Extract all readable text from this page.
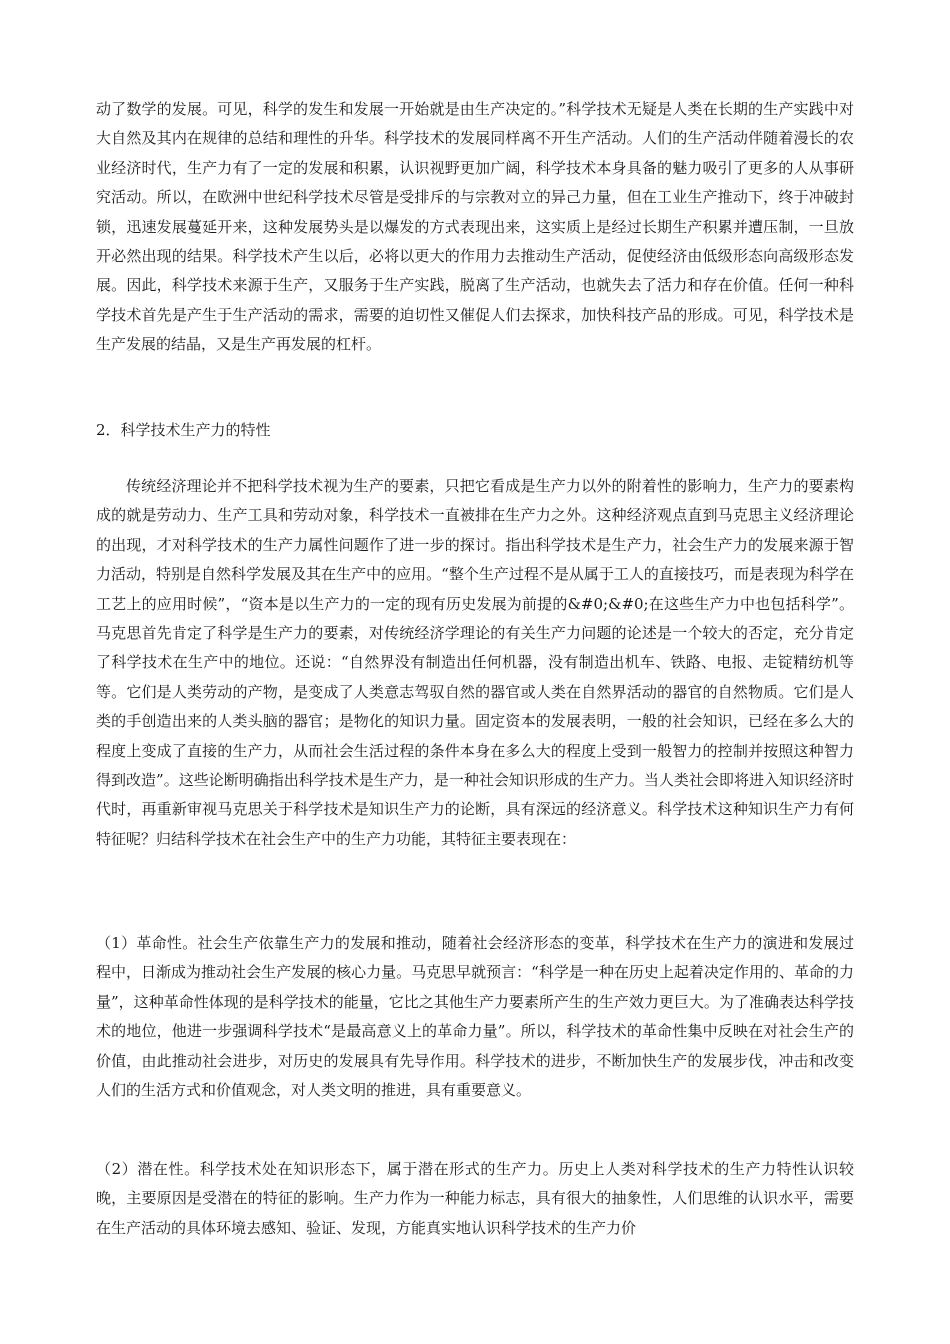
动了数学的发展。可见，科学的发生和发展一开始就是由生产决定的。”科学技术无疑是人类在长期的生产实践中对大自然及其内在规律的总结和理性的升华。科学技术的发展同样离不开生产活动。人们的生产活动伴随着漫长的农业经济时代，生产力有了一定的发展和积累，认识视野更加广阔，科学技术本身具备的魅力吸引了更多的人从事研究活动。所以，在欧洲中世纪科学技术尽管是受排斥的与宗教对立的异己力量，但在工业生产推动下，终于冲破封锁，迅速发展蔓延开来，这种发展势头是以爆发的方式表现出来，这实质上是经过长期生产积累并遭压制，一旦放开必然出现的结果。科学技术产生以后，必将以更大的作用力去推动生产活动，促使经济由低级形态向高级形态发展。因此，科学技术来源于生产，又服务于生产实践，脱离了生产活动，也就失去了活力和存在价值。任何一种科学技术首先是产生于生产活动的需求，需要的迫切性又催促人们去探求，加快科技产品的形成。可见，科学技术是生产发展的结晶，又是生产再发展的杠杆。

2．科学技术生产力的特性

传统经济理论并不把科学技术视为生产的要素，只把它看成是生产力以外的附着性的影响力，生产力的要素构成的就是劳动力、生产工具和劳动对象，科学技术一直被排在生产力之外。这种经济观点直到马克思主义经济理论的出现，才对科学技术的生产力属性问题作了进一步的探讨。指出科学技术是生产力，社会生产力的发展来源于智力活动，特别是自然科学发展及其在生产中的应用。“整个生产过程不是从属于工人的直接技巧，而是表现为科学在工艺上的应用时候”，“资本是以生产力的一定的现有历史发展为前提的&#0;&#0;在这些生产力中也包括科学”。马克思首先肯定了科学是生产力的要素，对传统经济学理论的有关生产力问题的论述是一个较大的否定，充分肯定了科学技术在生产中的地位。还说：“自然界没有制造出任何机器，没有制造出机车、铁路、电报、走锭精纺机等等。它们是人类劳动的产物，是变成了人类意志驾驭自然的器官或人类在自然界活动的器官的自然物质。它们是人类的手创造出来的人类头脑的器官；是物化的知识力量。固定资本的发展表明，一般的社会知识，已经在多么大的程度上变成了直接的生产力，从而社会生活过程的条件本身在多么大的程度上受到一般智力的控制并按照这种智力得到改造”。这些论断明确指出科学技术是生产力，是一种社会知识形成的生产力。当人类社会即将进入知识经济时代时，再重新审视马克思关于科学技术是知识生产力的论断，具有深远的经济意义。科学技术这种知识生产力有何特征呢？归结科学技术在社会生产中的生产力功能，其特征主要表现在：

（1）革命性。社会生产依靠生产力的发展和推动，随着社会经济形态的变革，科学技术在生产力的演进和发展过程中，日渐成为推动社会生产发展的核心力量。马克思早就预言：“科学是一种在历史上起着决定作用的、革命的力量”，这种革命性体现的是科学技术的能量，它比之其他生产力要素所产生的生产效力更巨大。为了准确表达科学技术的地位，他进一步强调科学技术“是最高意义上的革命力量”。所以，科学技术的革命性集中反映在对社会生产的价值，由此推动社会进步，对历史的发展具有先导作用。科学技术的进步，不断加快生产的发展步伐，冲击和改变人们的生活方式和价值观念，对人类文明的推进，具有重要意义。

（2）潜在性。科学技术处在知识形态下，属于潜在形式的生产力。历史上人类对科学技术的生产力特性认识较晚，主要原因是受潜在的特征的影响。生产力作为一种能力标志，具有很大的抽象性，人们思维的认识水平，需要在生产活动的具体环境去感知、验证、发现，方能真实地认识科学技术的生产力价
